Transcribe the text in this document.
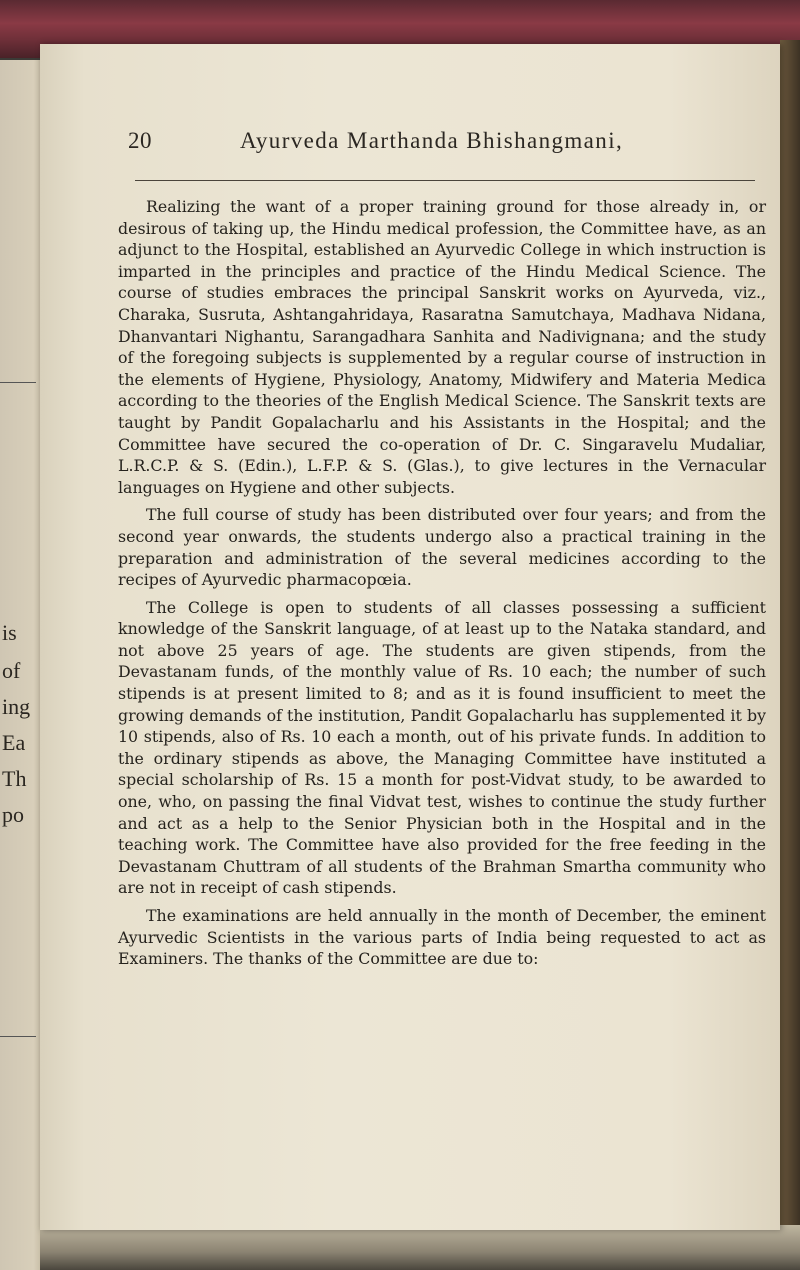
is
of
ing
Ea
Th
po
20	Ayurveda Marthanda Bhishangmani,

Realizing the want of a proper training ground for those already in, or desirous of taking up, the Hindu medical profession, the Committee have, as an adjunct to the Hospital, established an Ayurvedic College in which instruction is imparted in the principles and practice of the Hindu Medical Science. The course of studies embraces the principal Sanskrit works on Ayurveda, viz., Charaka, Susruta, Ashtangahridaya, Rasaratna Samutchaya, Madhava Nidana, Dhanvantari Nighantu, Sarangadhara Sanhita and Nadivignana; and the study of the foregoing subjects is supplemented by a regular course of instruction in the elements of Hygiene, Physiology, Anatomy, Midwifery and Materia Medica according to the theories of the English Medical Science. The Sanskrit texts are taught by Pandit Gopalacharlu and his Assistants in the Hospital; and the Committee have secured the co-operation of Dr. C. Singaravelu Mudaliar, L.R.C.P. & S. (Edin.), L.F.P. & S. (Glas.), to give lectures in the Vernacular languages on Hygiene and other subjects.

The full course of study has been distributed over four years; and from the second year onwards, the students undergo also a practical training in the preparation and administration of the several medicines according to the recipes of Ayurvedic pharmacopœia.

The College is open to students of all classes possessing a sufficient knowledge of the Sanskrit language, of at least up to the Nataka standard, and not above 25 years of age. The students are given stipends, from the Devastanam funds, of the monthly value of Rs. 10 each; the number of such stipends is at present limited to 8; and as it is found insufficient to meet the growing demands of the institution, Pandit Gopalacharlu has supplemented it by 10 stipends, also of Rs. 10 each a month, out of his private funds. In addition to the ordinary stipends as above, the Managing Committee have instituted a special scholarship of Rs. 15 a month for post-Vidvat study, to be awarded to one, who, on passing the final Vidvat test, wishes to continue the study further and act as a help to the Senior Physician both in the Hospital and in the teaching work. The Committee have also provided for the free feeding in the Devastanam Chuttram of all students of the Brahman Smartha community who are not in receipt of cash stipends.

The examinations are held annually in the month of December, the eminent Ayurvedic Scientists in the various parts of India being requested to act as Examiners. The thanks of the Committee are due to:
